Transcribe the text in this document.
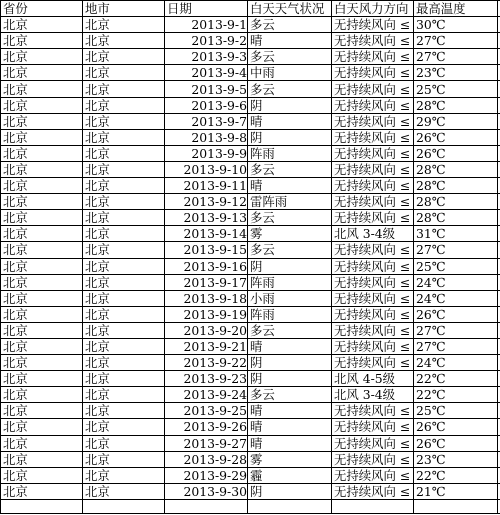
省份	地市	日期	白天天气状况	白天风力方向	最高温度	
北京	北京	2013-9-1	多云	无持续风向 ≤	30℃	
北京	北京	2013-9-2	晴	无持续风向 ≤	27℃	
北京	北京	2013-9-3	多云	无持续风向 ≤	27℃	
北京	北京	2013-9-4	中雨	无持续风向 ≤	23℃	
北京	北京	2013-9-5	多云	无持续风向 ≤	25℃	
北京	北京	2013-9-6	阴	无持续风向 ≤	28℃	
北京	北京	2013-9-7	晴	无持续风向 ≤	29℃	
北京	北京	2013-9-8	阴	无持续风向 ≤	26℃	
北京	北京	2013-9-9	阵雨	无持续风向 ≤	26℃	
北京	北京	2013-9-10	多云	无持续风向 ≤	28℃	
北京	北京	2013-9-11	晴	无持续风向 ≤	28℃	
北京	北京	2013-9-12	雷阵雨	无持续风向 ≤	28℃	
北京	北京	2013-9-13	多云	无持续风向 ≤	28℃	
北京	北京	2013-9-14	雾	北风 3-4级	31℃	
北京	北京	2013-9-15	多云	无持续风向 ≤	27℃	
北京	北京	2013-9-16	阴	无持续风向 ≤	25℃	
北京	北京	2013-9-17	阵雨	无持续风向 ≤	24℃	
北京	北京	2013-9-18	小雨	无持续风向 ≤	24℃	
北京	北京	2013-9-19	阵雨	无持续风向 ≤	26℃	
北京	北京	2013-9-20	多云	无持续风向 ≤	27℃	
北京	北京	2013-9-21	晴	无持续风向 ≤	27℃	
北京	北京	2013-9-22	阴	无持续风向 ≤	24℃	
北京	北京	2013-9-23	阴	北风 4-5级	22℃	
北京	北京	2013-9-24	多云	北风 3-4级	22℃	
北京	北京	2013-9-25	晴	无持续风向 ≤	25℃	
北京	北京	2013-9-26	晴	无持续风向 ≤	26℃	
北京	北京	2013-9-27	晴	无持续风向 ≤	26℃	
北京	北京	2013-9-28	雾	无持续风向 ≤	23℃	
北京	北京	2013-9-29	霾	无持续风向 ≤	22℃	
北京	北京	2013-9-30	阴	无持续风向 ≤	21℃	
